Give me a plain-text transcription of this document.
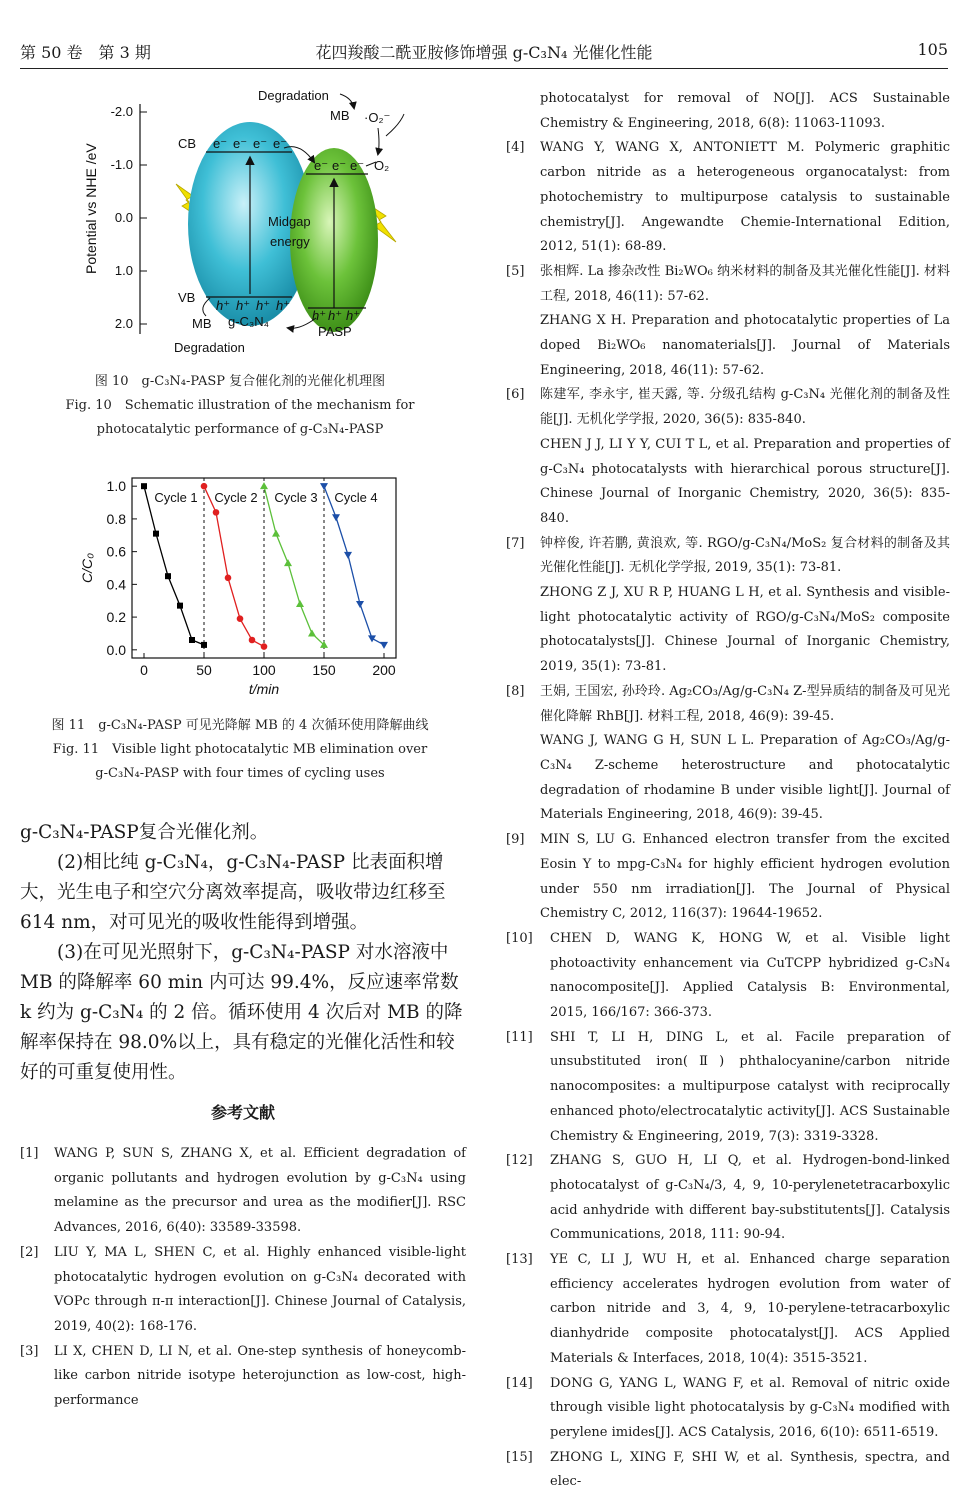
第 50 卷　第 3 期	花四羧酸二酰亚胺修饰增强 g-C₃N₄ 光催化性能	105
Potential vs NHE /eV
-2.0
-1.0
0.0
1.0
2.0
Degradation
MB ·O₂⁻
CB e⁻ e⁻ e⁻ e⁻
e⁻ e⁻ e⁻ O₂
Midgap
energy
VB
h⁺ h⁺ h⁺ h⁺
MB g-C₃N₄	h⁺ h⁺ h⁺
PASP
Degradation
图 10　g-C₃N₄-PASP 复合催化剂的光催化机理图
Fig. 10　Schematic illustration of the mechanism for
photocatalytic performance of g-C₃N₄-PASP
0	50	100	150	200
0.0
0.2
0.4
0.6
0.8
1.0
t/min
C/C₀
Cycle 1 Cycle 2 Cycle 3 Cycle 4
图 11　g-C₃N₄-PASP 可见光降解 MB 的 4 次循环使用降解曲线
Fig. 11　Visible light photocatalytic MB elimination over
g-C₃N₄-PASP with four times of cycling uses

g-C₃N₄-PASP复合光催化剂。

(2)相比纯 g-C₃N₄，g-C₃N₄-PASP 比表面积增大，光生电子和空穴分离效率提高，吸收带边红移至 614 nm，对可见光的吸收性能得到增强。

(3)在可见光照射下，g-C₃N₄-PASP 对水溶液中 MB 的降解率 60 min 内可达 99.4%，反应速率常数 k 约为 g-C₃N₄ 的 2 倍。循环使用 4 次后对 MB 的降解率保持在 98.0%以上，具有稳定的光催化活性和较好的可重复使用性。

参考文献
[1] WANG P, SUN S, ZHANG X, et al. Efficient degradation of organic pollutants and hydrogen evolution by g-C₃N₄ using melamine as the precursor and urea as the modifier[J]. RSC Advances, 2016, 6(40): 33589-33598.
[2] LIU Y, MA L, SHEN C, et al. Highly enhanced visible-light photocatalytic hydrogen evolution on g-C₃N₄ decorated with VOPc through π-π interaction[J]. Chinese Journal of Catalysis, 2019, 40(2): 168-176.
[3] LI X, CHEN D, LI N, et al. One-step synthesis of honeycomb-like carbon nitride isotype heterojunction as low-cost, high-performance
photocatalyst for removal of NO[J]. ACS Sustainable Chemistry & Engineering, 2018, 6(8): 11063-11093.
[4] WANG Y, WANG X, ANTONIETT M. Polymeric graphitic carbon nitride as a heterogeneous organocatalyst: from photochemistry to multipurpose catalysis to sustainable chemistry[J]. Angewandte Chemie-International Edition, 2012, 51(1): 68-89.
[5] 张相辉. La 掺杂改性 Bi₂WO₆ 纳米材料的制备及其光催化性能[J]. 材料工程, 2018, 46(11): 57-62.
ZHANG X H. Preparation and photocatalytic properties of La doped Bi₂WO₆ nanomaterials[J]. Journal of Materials Engineering, 2018, 46(11): 57-62.
[6] 陈建军, 李永宇, 崔天露, 等. 分级孔结构 g-C₃N₄ 光催化剂的制备及性能[J]. 无机化学学报, 2020, 36(5): 835-840.
CHEN J J, LI Y Y, CUI T L, et al. Preparation and properties of g-C₃N₄ photocatalysts with hierarchical porous structure[J]. Chinese Journal of Inorganic Chemistry, 2020, 36(5): 835-840.
[7] 钟梓俊, 许若鹏, 黄浪欢, 等. RGO/g-C₃N₄/MoS₂ 复合材料的制备及其光催化性能[J]. 无机化学学报, 2019, 35(1): 73-81.
ZHONG Z J, XU R P, HUANG L H, et al. Synthesis and visible-light photocatalytic activity of RGO/g-C₃N₄/MoS₂ composite photocatalysts[J]. Chinese Journal of Inorganic Chemistry, 2019, 35(1): 73-81.
[8] 王娟, 王国宏, 孙玲玲. Ag₂CO₃/Ag/g-C₃N₄ Z-型异质结的制备及可见光催化降解 RhB[J]. 材料工程, 2018, 46(9): 39-45.
WANG J, WANG G H, SUN L L. Preparation of Ag₂CO₃/Ag/g-C₃N₄ Z-scheme heterostructure and photocatalytic degradation of rhodamine B under visible light[J]. Journal of Materials Engineering, 2018, 46(9): 39-45.
[9] MIN S, LU G. Enhanced electron transfer from the excited Eosin Y to mpg-C₃N₄ for highly efficient hydrogen evolution under 550 nm irradiation[J]. The Journal of Physical Chemistry C, 2012, 116(37): 19644-19652.
[10] CHEN D, WANG K, HONG W, et al. Visible light photoactivity enhancement via CuTCPP hybridized g-C₃N₄ nanocomposite[J]. Applied Catalysis B: Environmental, 2015, 166/167: 366-373.
[11] SHI T, LI H, DING L, et al. Facile preparation of unsubstituted iron(Ⅱ) phthalocyanine/carbon nitride nanocomposites: a multipurpose catalyst with reciprocally enhanced photo/electrocatalytic activity[J]. ACS Sustainable Chemistry & Engineering, 2019, 7(3): 3319-3328.
[12] ZHANG S, GUO H, LI Q, et al. Hydrogen-bond-linked photocatalyst of g-C₃N₄/3, 4, 9, 10-perylenetetracarboxylic acid anhydride with different bay-substitutents[J]. Catalysis Communications, 2018, 111: 90-94.
[13] YE C, LI J, WU H, et al. Enhanced charge separation efficiency accelerates hydrogen evolution from water of carbon nitride and 3, 4, 9, 10-perylene-tetracarboxylic dianhydride composite photocatalyst[J]. ACS Applied Materials & Interfaces, 2018, 10(4): 3515-3521.
[14] DONG G, YANG L, WANG F, et al. Removal of nitric oxide through visible light photocatalysis by g-C₃N₄ modified with perylene imides[J]. ACS Catalysis, 2016, 6(10): 6511-6519.
[15] ZHONG L, XING F, SHI W, et al. Synthesis, spectra, and elec-
